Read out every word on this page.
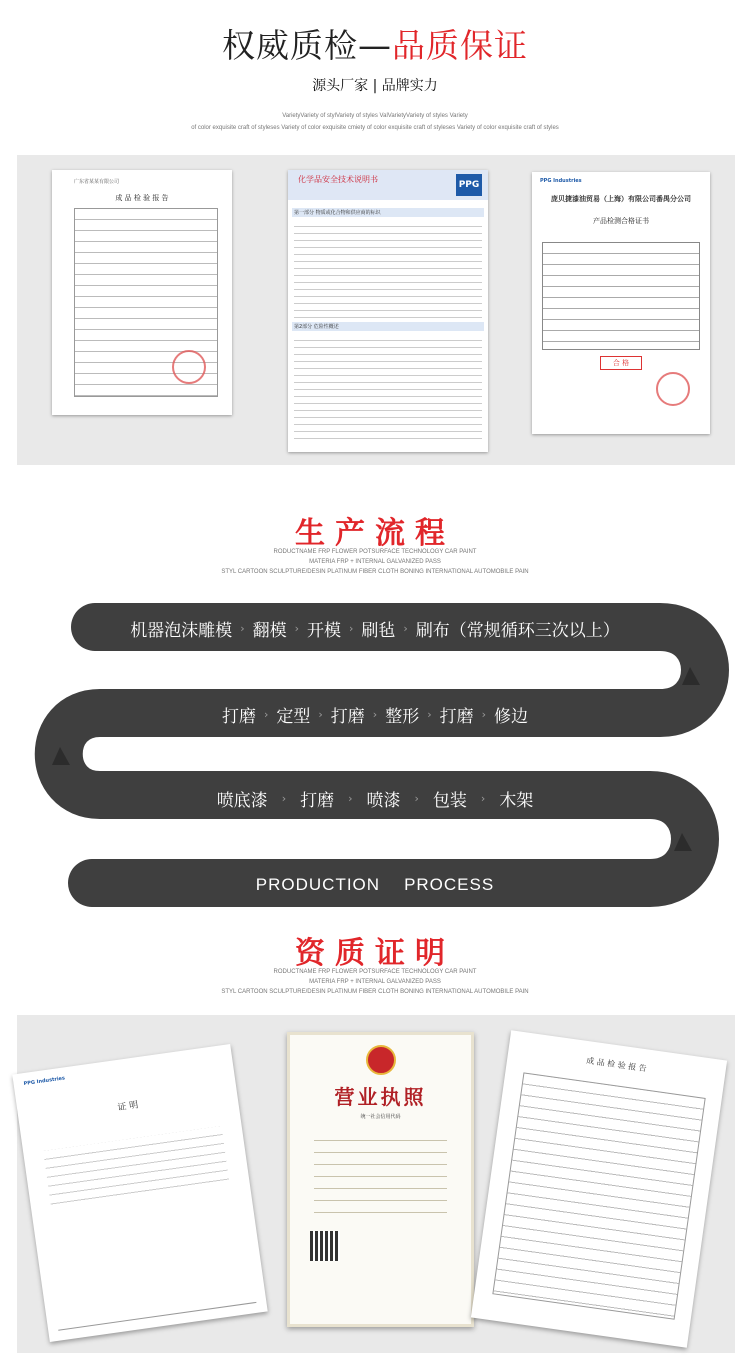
权威质检—品质保证
源头厂家 | 品牌实力
VarietyVariety of stylVariety of styles ValVarietyVariety of styles Variety
of color exquisite craft of styleses Variety of color exquisite cmiety of color exquisite craft of styleses Variety of color exquisite craft of styles
广东省某某有限公司
成 品 检 验 报 告
化学品安全技术说明书
PPG
第一部分 物质或化合物和供应商的标识
第2部分 危险性概述
PPG Industries
庞贝捷漆油贸易（上海）有限公司番禺分公司
产品检测合格证书
合 格
生产流程
RODUCTNAME FRP FLOWER POTSURFACE TECHNOLOGY CAR PAINT
MATERIA FRP + INTERNAL GALVANIZED PASS
STYL CARTOON SCULPTURE/DESIN PLATINUM FIBER CLOTH BONING INTERNATIONAL AUTOMOBILE PAIN
机器泡沫雕模 › 翻模 › 开模 › 刷毡 › 刷布（常规循环三次以上）
打磨 › 定型 › 打磨 › 整形 › 打磨 › 修边
喷底漆 › 打磨 › 喷漆 › 包装 › 木架
PRODUCTION PROCESS
资质证明
RODUCTNAME FRP FLOWER POTSURFACE TECHNOLOGY CAR PAINT
MATERIA FRP + INTERNAL GALVANIZED PASS
STYL CARTOON SCULPTURE/DESIN PLATINUM FIBER CLOTH BONING INTERNATIONAL AUTOMOBILE PAIN
PPG Industries
证 明	营业执照
统一社会信用代码
成 品 检 验 报 告
